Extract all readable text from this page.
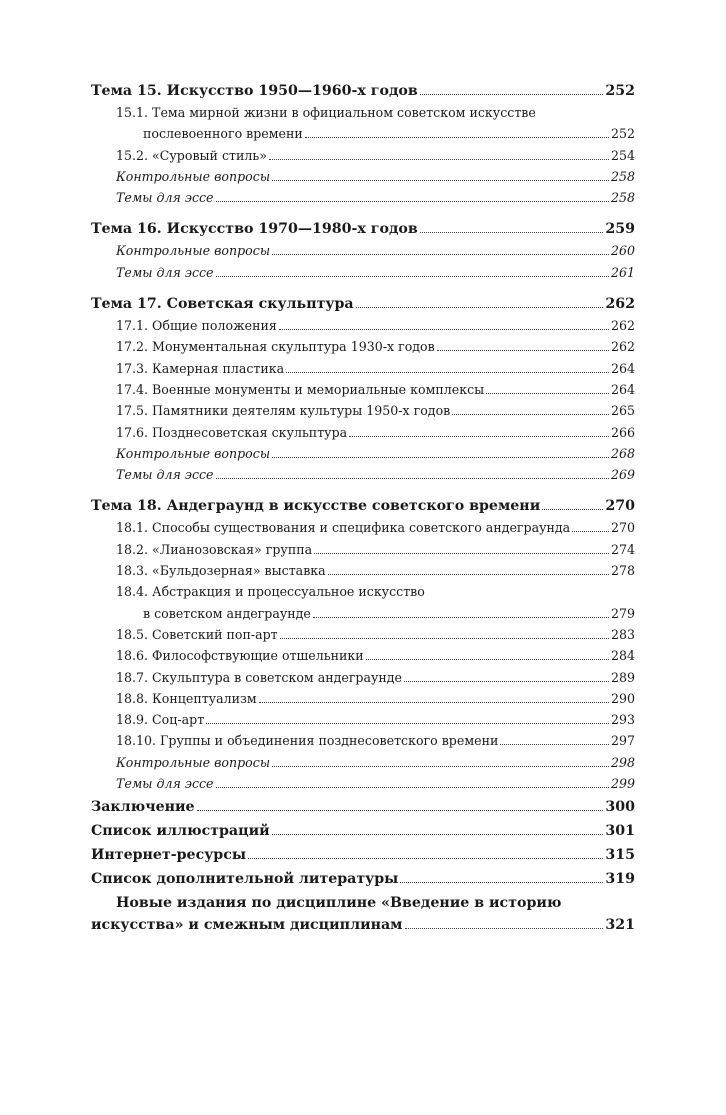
Тема 15. Искусство 1950—1960-х годов	252
15.1. Тема мирной жизни в официальном советском искусстве
послевоенного времени	252
15.2. «Суровый стиль»	254
Контрольные вопросы	258
Темы для эссе	258
Тема 16. Искусство 1970—1980-х годов	259
Контрольные вопросы	260
Темы для эссе	261
Тема 17. Советская скульптура	262
17.1. Общие положения	262
17.2. Монументальная скульптура 1930-х годов	262
17.3. Камерная пластика	264
17.4. Военные монументы и мемориальные комплексы	264
17.5. Памятники деятелям культуры 1950-х годов	265
17.6. Позднесоветская скульптура	266
Контрольные вопросы	268
Темы для эссе	269
Тема 18. Андеграунд в искусстве советского времени	270
18.1. Способы существования и специфика советского андеграунда	270
18.2. «Лианозовская» группа	274
18.3. «Бульдозерная» выставка	278
18.4. Абстракция и процессуальное искусство
в советском андеграунде	279
18.5. Советский поп-арт	283
18.6. Философствующие отшельники	284
18.7. Скульптура в советском андеграунде	289
18.8. Концептуализм	290
18.9. Соц-арт	293
18.10. Группы и объединения позднесоветского времени	297
Контрольные вопросы	298
Темы для эссе	299
Заключение	300
Список иллюстраций	301
Интернет-ресурсы	315
Список дополнительной литературы	319
Новые издания по дисциплине «Введение в историю
искусства» и смежным дисциплинам	321
